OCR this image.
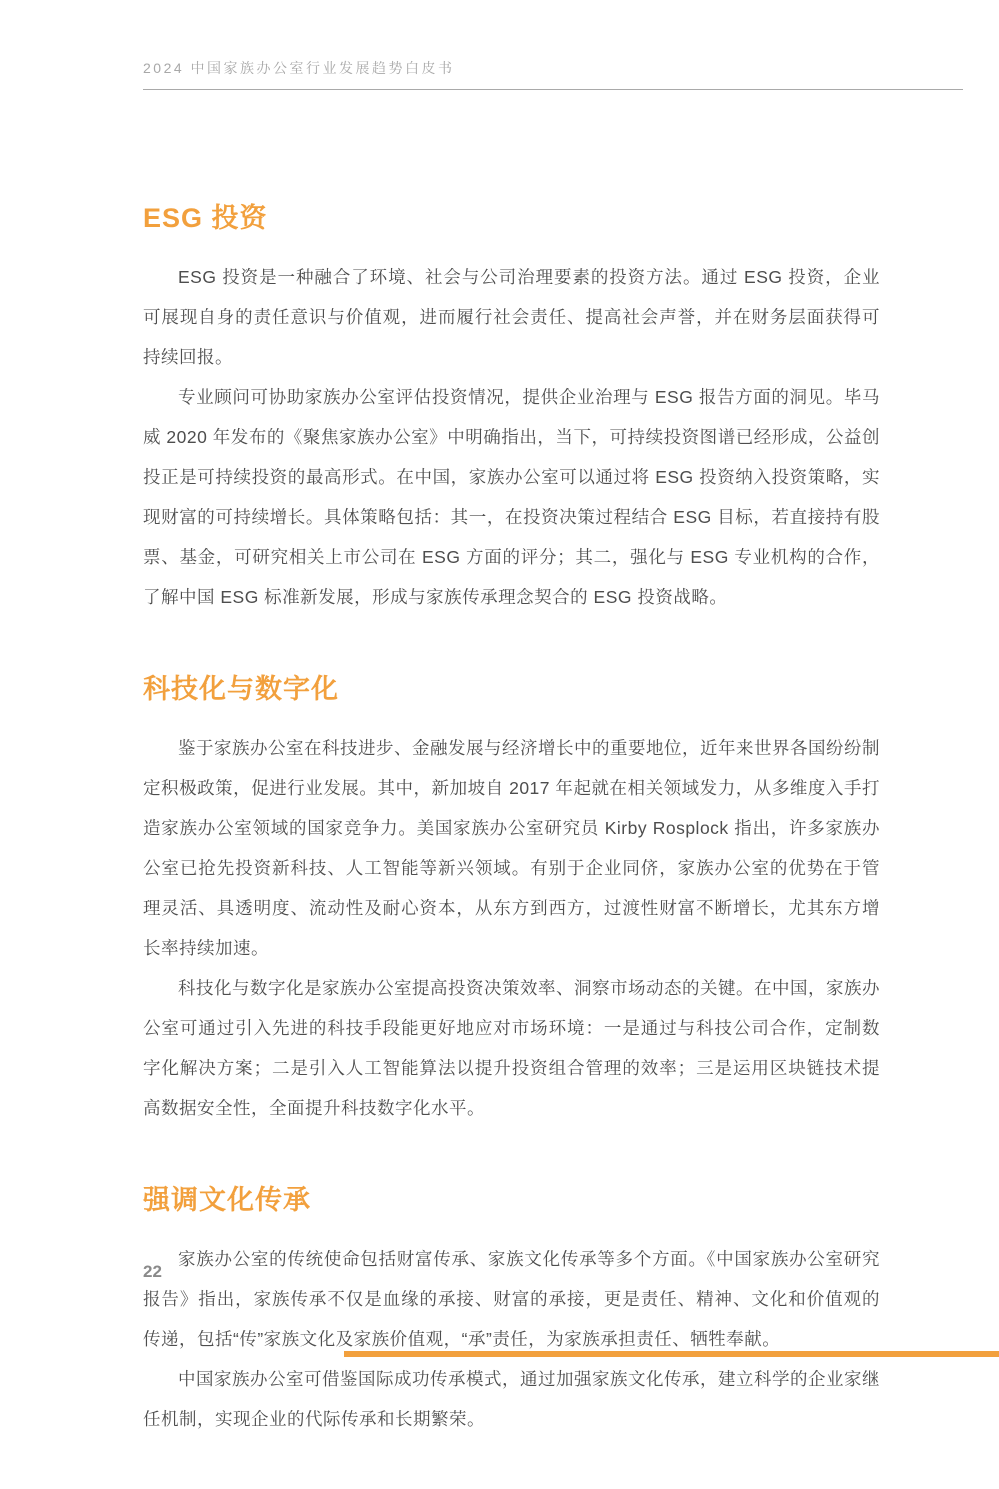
2024 中国家族办公室行业发展趋势白皮书
ESG 投资

ESG 投资是一种融合了环境、社会与公司治理要素的投资方法。通过 ESG 投资，企业可展现自身的责任意识与价值观，进而履行社会责任、提高社会声誉，并在财务层面获得可持续回报。

专业顾问可协助家族办公室评估投资情况，提供企业治理与 ESG 报告方面的洞见。毕马威 2020 年发布的《聚焦家族办公室》中明确指出，当下，可持续投资图谱已经形成，公益创投正是可持续投资的最高形式。在中国，家族办公室可以通过将 ESG 投资纳入投资策略，实现财富的可持续增长。具体策略包括：其一，在投资决策过程结合 ESG 目标，若直接持有股票、基金，可研究相关上市公司在 ESG 方面的评分；其二，强化与 ESG 专业机构的合作，了解中国 ESG 标准新发展，形成与家族传承理念契合的 ESG 投资战略。

科技化与数字化

鉴于家族办公室在科技进步、金融发展与经济增长中的重要地位，近年来世界各国纷纷制定积极政策，促进行业发展。其中，新加坡自 2017 年起就在相关领域发力，从多维度入手打造家族办公室领域的国家竞争力。美国家族办公室研究员 Kirby Rosplock 指出，许多家族办公室已抢先投资新科技、人工智能等新兴领域。有别于企业同侪，家族办公室的优势在于管理灵活、具透明度、流动性及耐心资本，从东方到西方，过渡性财富不断增长，尤其东方增长率持续加速。

科技化与数字化是家族办公室提高投资决策效率、洞察市场动态的关键。在中国，家族办公室可通过引入先进的科技手段能更好地应对市场环境：一是通过与科技公司合作，定制数字化解决方案；二是引入人工智能算法以提升投资组合管理的效率；三是运用区块链技术提高数据安全性，全面提升科技数字化水平。

强调文化传承

家族办公室的传统使命包括财富传承、家族文化传承等多个方面。《中国家族办公室研究报告》指出，家族传承不仅是血缘的承接、财富的承接，更是责任、精神、文化和价值观的传递，包括“传”家族文化及家族价值观，“承”责任，为家族承担责任、牺牲奉献。

中国家族办公室可借鉴国际成功传承模式，通过加强家族文化传承，建立科学的企业家继任机制，实现企业的代际传承和长期繁荣。

22
